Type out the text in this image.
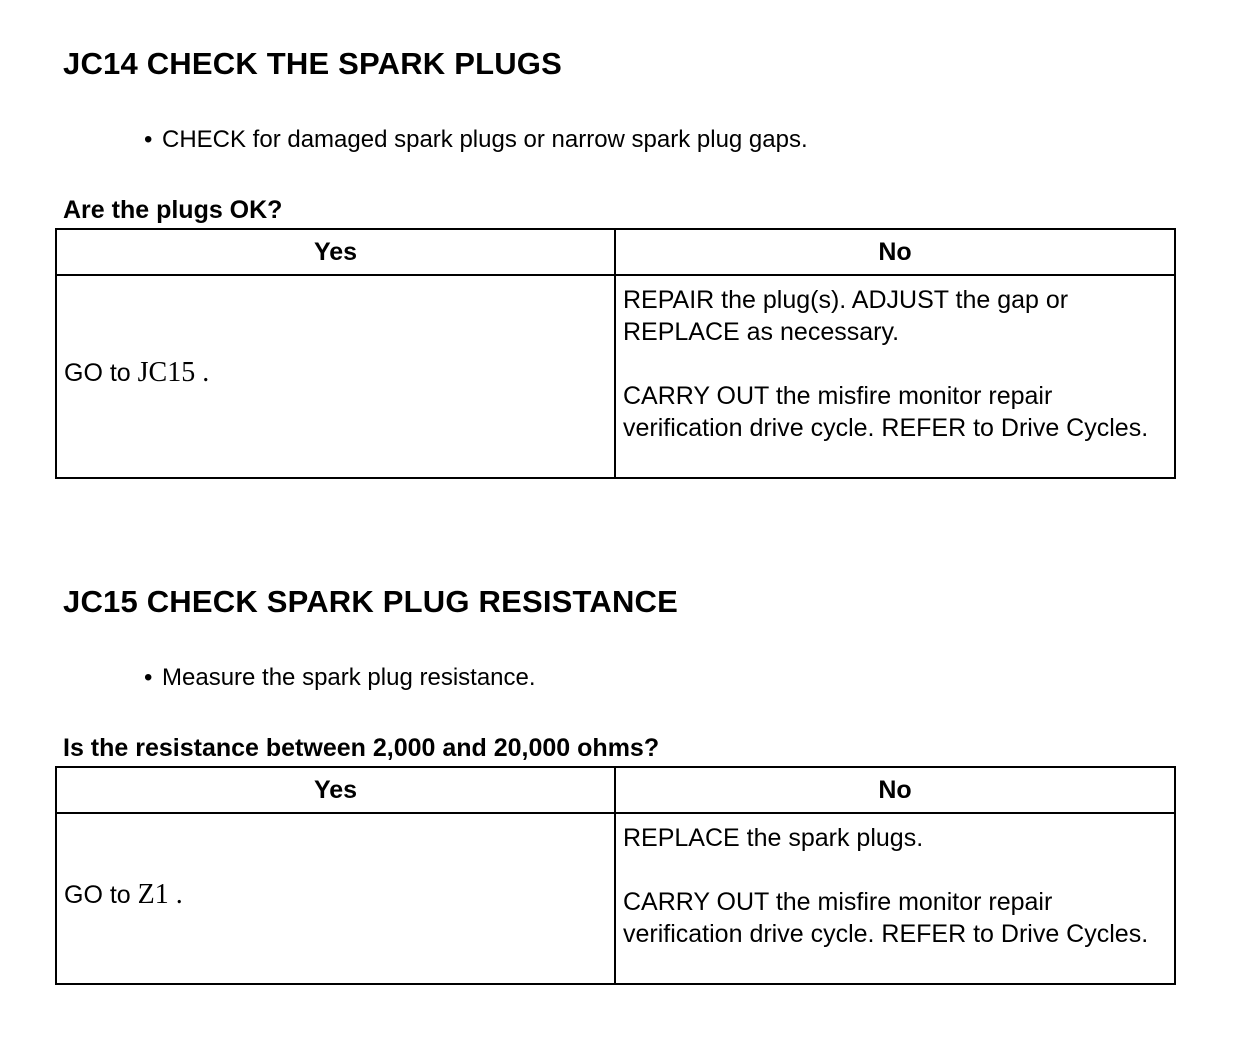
JC14 CHECK THE SPARK PLUGS
• CHECK for damaged spark plugs or narrow spark plug gaps.
Are the plugs OK?
Yes	No
GO to JC15 .	REPAIR the plug(s). ADJUST the gap or REPLACE as necessary.
CARRY OUT the misfire monitor repair verification drive cycle. REFER to Drive Cycles.
JC15 CHECK SPARK PLUG RESISTANCE
• Measure the spark plug resistance.
Is the resistance between 2,000 and 20,000 ohms?
Yes	No
GO to Z1 .	REPLACE the spark plugs.
CARRY OUT the misfire monitor repair verification drive cycle. REFER to Drive Cycles.
